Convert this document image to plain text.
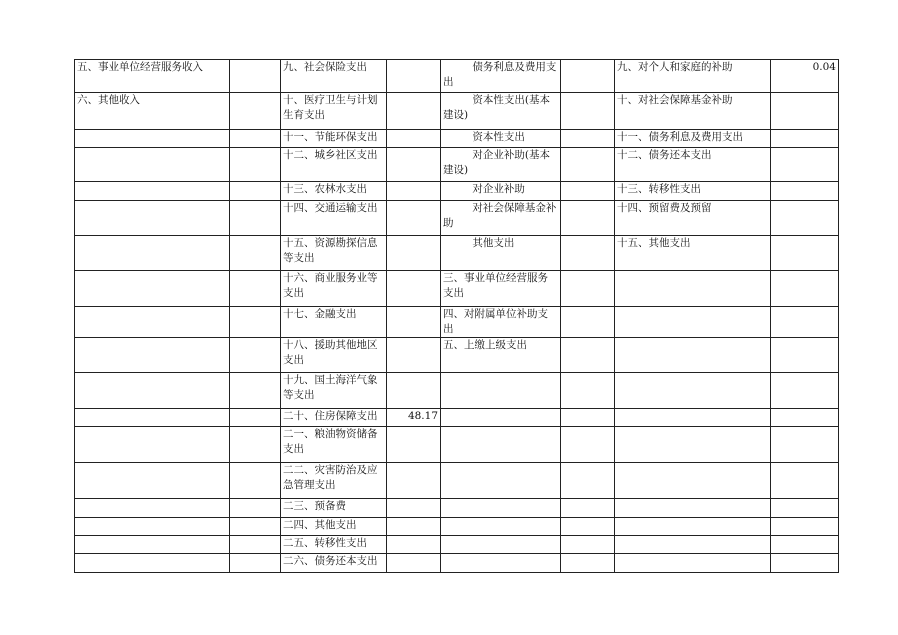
五、事业单位经营服务收入		九、社会保险支出		债务利息及费用支出		九、对个人和家庭的补助	0.04
六、其他收入		十、医疗卫生与计划生育支出		资本性支出(基本建设)		十、对社会保障基金补助	
		十一、节能环保支出		资本性支出		十一、债务利息及费用支出	
		十二、城乡社区支出		对企业补助(基本建设)		十二、债务还本支出	
		十三、农林水支出		对企业补助		十三、转移性支出	
		十四、交通运输支出		对社会保障基金补助		十四、预留费及预留	
		十五、资源勘探信息等支出		其他支出		十五、其他支出	
		十六、商业服务业等支出		三、事业单位经营服务支出			
		十七、金融支出		四、对附属单位补助支出			
		十八、援助其他地区支出		五、上缴上级支出			
		十九、国土海洋气象等支出					
		二十、住房保障支出	48.17				
		二一、粮油物资储备支出					
		二二、灾害防治及应急管理支出					
		二三、预备费					
		二四、其他支出					
		二五、转移性支出					
		二六、债务还本支出					
